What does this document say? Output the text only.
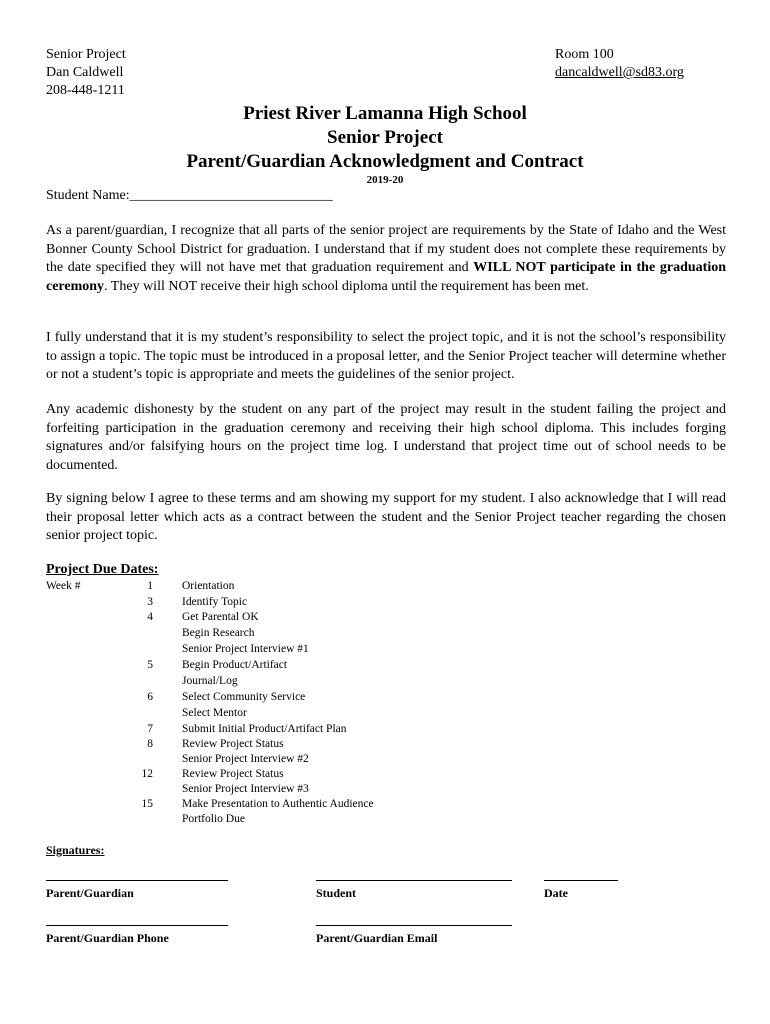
Senior Project
Dan Caldwell
208-448-1211
Room 100
dancaldwell@sd83.org
Priest River Lamanna High School
Senior Project
Parent/Guardian Acknowledgment and Contract
2019-20
Student Name:_____________________________
As a parent/guardian, I recognize that all parts of the senior project are requirements by the State of Idaho and the West Bonner County School District for graduation. I understand that if my student does not complete these requirements by the date specified they will not have met that graduation requirement and WILL NOT participate in the graduation ceremony. They will NOT receive their high school diploma until the requirement has been met.
I fully understand that it is my student’s responsibility to select the project topic, and it is not the school’s responsibility to assign a topic. The topic must be introduced in a proposal letter, and the Senior Project teacher will determine whether or not a student’s topic is appropriate and meets the guidelines of the senior project.
Any academic dishonesty by the student on any part of the project may result in the student failing the project and forfeiting participation in the graduation ceremony and receiving their high school diploma. This includes forging signatures and/or falsifying hours on the project time log. I understand that project time out of school needs to be documented.
By signing below I agree to these terms and am showing my support for my student. I also acknowledge that I will read their proposal letter which acts as a contract between the student and the Senior Project teacher regarding the chosen senior project topic.
Project Due Dates:
Week #	1	Orientation
3	Identify Topic
4	Get Parental OK
Begin Research
Senior Project Interview #1
5	Begin Product/Artifact
Journal/Log
6	Select Community Service
Select Mentor
7	Submit Initial Product/Artifact Plan
8	Review Project Status
Senior Project Interview #2
12	Review Project Status
Senior Project Interview #3
15	Make Presentation to Authentic Audience
Portfolio Due
Signatures:
Parent/Guardian	Student	Date
Parent/Guardian Phone	Parent/Guardian Email
